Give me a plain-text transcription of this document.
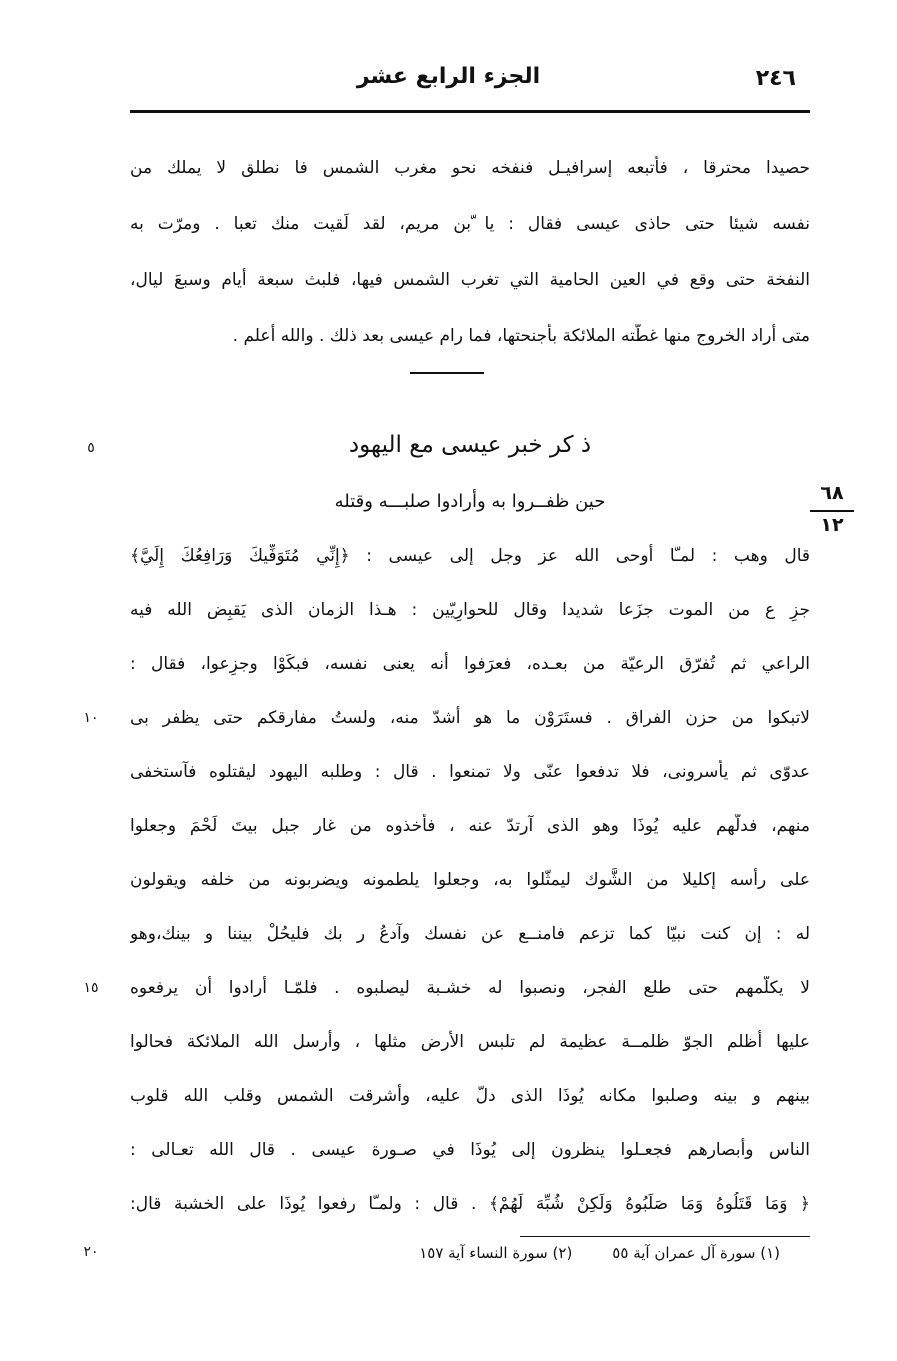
٢٤٦
الجزء الرابع عشر
حصيدا محترقا ، فأتبعه إسرافيـل فنفخه نحو مغرب الشمس فا نطلق لا يملك من
نفسه شيئا حتى حاذى عيسى فقال : يا ّبن مريم، لقد لَقيت منك تعبا . ومرّت به
النفخة حتى وقع في العين الحامية التي تغرب الشمس فيها، فلبث سبعة أيام وسبعَ ليال،
متى أراد الخروج منها غطّته الملائكة بأجنحتها، فما رام عيسى بعد ذلك . والله أعلم .
ذ كر خبر عيسى مع اليهود
حين ظفــروا به وأرادوا صلبـــه وقتله	٦٨
١٢
قال وهب : لمـّا أوحى الله عز وجل إلى عيسى : ﴿إِنِّي مُتَوَفِّيكَ وَرَافِعُكَ إِلَيَّ﴾
جزِ ع من الموت جزَعا شديدا وقال للحوارِيّين : هـذا الزمان الذى يَقبِض الله فيه
الراعي ثم تُفرّق الرعيّة من بعـده، فعرَفوا أنه يعنى نفسه، فبكَوْا وجزِعوا، فقال :
لاتبكوا من حزن الفراق . فستَرَوْن ما هو أشدّ منه، ولستُ مفارقكم حتى يظفر بى
عدوّى ثم يأسرونى، فلا تدفعوا عنّى ولا تمنعوا . قال : وطلبه اليهود ليقتلوه فآستخفى
منهم، فدلّهم عليه يُوذَا وهو الذى آرتدّ عنه ، فأخذوه من غار جبل بيتَ لَحْمَ وجعلوا
على رأسه إكليلا من الشَّوك ليمثّلوا به، وجعلوا يلطمونه ويضربونه من خلفه ويقولون
له : إن كنت نبيّا كما تزعم فامنــع عن نفسك وآدعُ ر بك فليحُلْ بيننا و بينك،وهو
لا يكلّمهم حتى طلع الفجر، ونصبوا له خشـبة ليصلبوه . فلمّـا أرادوا أن يرفعوه
عليها أظلم الجوّ ظلمــة عظيمة لم تلبس الأرض مثلها ، وأرسل الله الملائكة فحالوا
بينهم و بينه وصلبوا مكانه يُوذَا الذى دلّ عليه، وأشرقت الشمس وقلب الله قلوب
الناس وأبصارهم فجعـلوا ينظرون إلى يُوذَا في صـورة عيسى . قال الله تعـالى :
﴿ وَمَا قَتَلُوهُ وَمَا صَلَبُوهُ وَلَكِنْ شُبِّهَ لَهُمْ﴾ . قال : ولمـّا رفعوا يُوذَا على الخشبة قال:
٥
١٠
١٥
٢٠	(١) سورة آل عمران آية ٥٥
(٢) سورة النساء آية ١٥٧
